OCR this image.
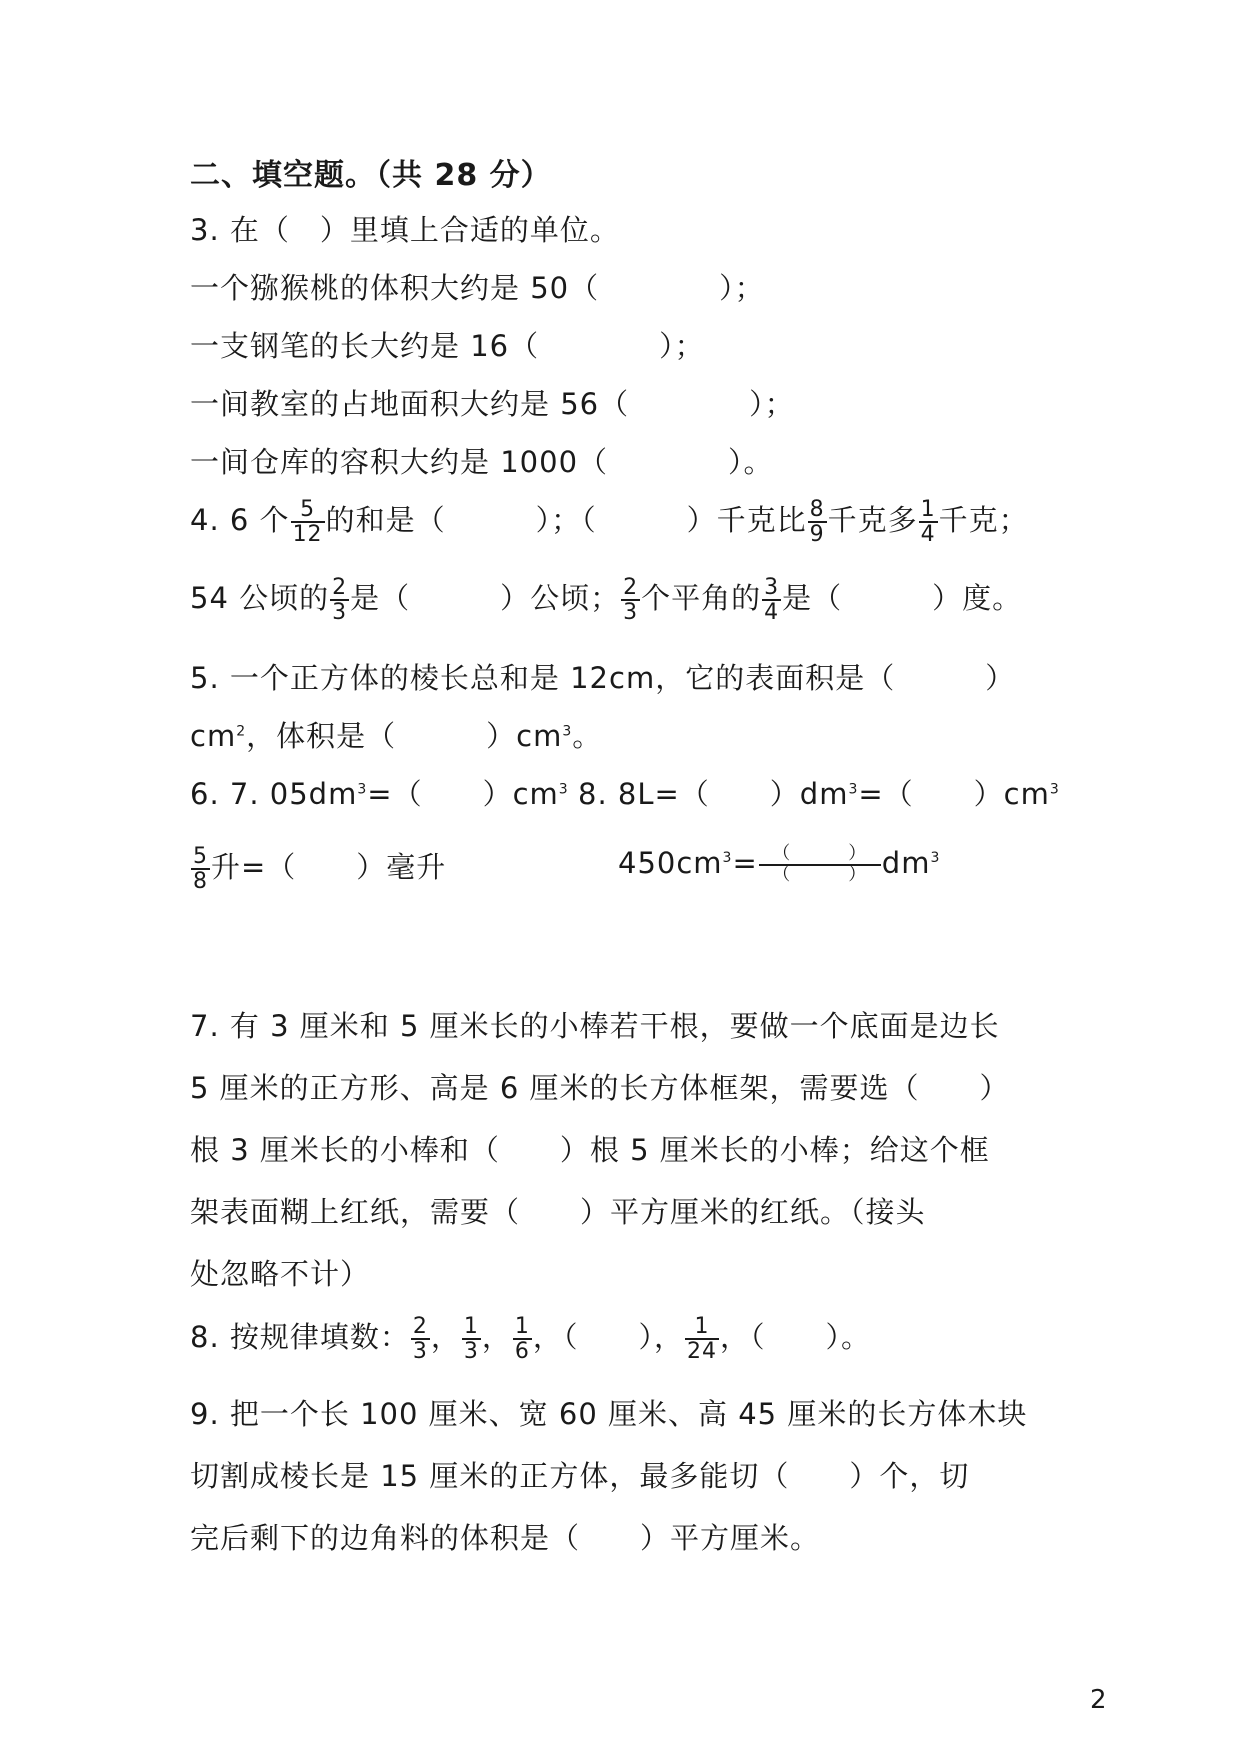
二、填空题。（共 28 分）
3. 在（　）里填上合适的单位。
一个猕猴桃的体积大约是 50（　　　　）；
一支钢笔的长大约是 16（　　　　）；
一间教室的占地面积大约是 56（　　　　）；
一间仓库的容积大约是 1000（　　　　）。
4. 6 个 $\frac{5}{12}$ 的和是（　　　）；（　　　）千克比 $\frac{8}{9}$ 千克多 $\frac{1}{4}$ 千克；
54 公顷的 $\frac{2}{3}$ 是（　　　）公顷； $\frac{2}{3}$ 个平角的 $\frac{3}{4}$ 是（　　　）度。
5. 一个正方体的棱长总和是 12cm，它的表面积是（　　　）
$cm^2$，体积是（　　　）$cm^3$。
6. 7. $05dm^3=$（　　）$cm^3$ 8. 8L=（　　）$dm^3=$（　　）$cm^3$
$\frac{5}{8}$ 升=（　　）毫升	$450cm^3= \frac{( )}{( )} dm^3$
7. 有 3 厘米和 5 厘米长的小棒若干根，要做一个底面是边长
5 厘米的正方形、高是 6 厘米的长方体框架，需要选（　　）
根 3 厘米长的小棒和（　　）根 5 厘米长的小棒；给这个框
架表面糊上红纸，需要（　　）平方厘米的红纸。（接头
处忽略不计）
8. 按规律填数： $\frac{2}{3}$ ， $\frac{1}{3}$ ， $\frac{1}{6}$ ，（　　）， $\frac{1}{24}$ ，（　　）。
9. 把一个长 100 厘米、宽 60 厘米、高 45 厘米的长方体木块
切割成棱长是 15 厘米的正方体，最多能切（　　）个，切
完后剩下的边角料的体积是（　　）平方厘米。
2
